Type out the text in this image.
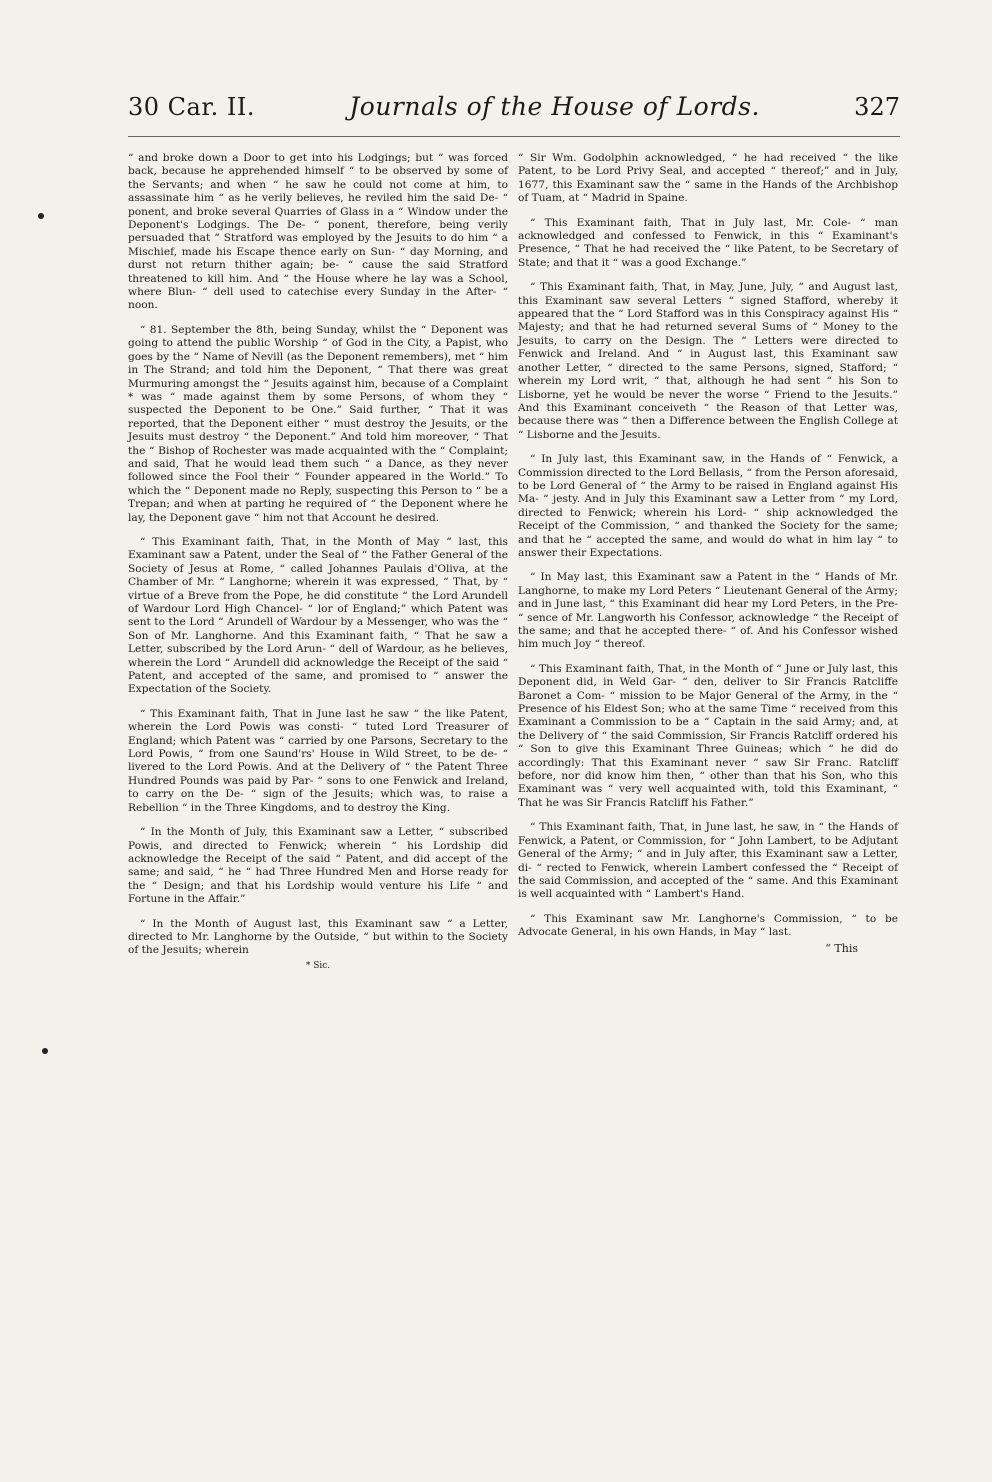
30 Car. II.	Journals of the House of Lords.	327

“ and broke down a Door to get into his Lodgings; but “ was forced back, because he apprehended himself “ to be observed by some of the Servants; and when “ he saw he could not come at him, to assassinate him “ as he verily believes, he reviled him the said De- “ ponent, and broke several Quarries of Glass in a “ Window under the Deponent's Lodgings. The De- “ ponent, therefore, being verily persuaded that “ Stratford was employed by the Jesuits to do him “ a Mischief, made his Escape thence early on Sun- “ day Morning, and durst not return thither again; be- “ cause the said Stratford threatened to kill him. And “ the House where he lay was a School, where Blun- “ dell used to catechise every Sunday in the After- “ noon.

“ 81. September the 8th, being Sunday, whilst the “ Deponent was going to attend the public Worship “ of God in the City, a Papist, who goes by the “ Name of Nevill (as the Deponent remembers), met “ him in The Strand; and told him the Deponent, “ That there was great Murmuring amongst the “ Jesuits against him, because of a Complaint * was “ made against them by some Persons, of whom they “ suspected the Deponent to be One.” Said further, “ That it was reported, that the Deponent either “ must destroy the Jesuits, or the Jesuits must destroy “ the Deponent.” And told him moreover, “ That the “ Bishop of Rochester was made acquainted with the “ Complaint; and said, That he would lead them such “ a Dance, as they never followed since the Fool their “ Founder appeared in the World.” To which the “ Deponent made no Reply, suspecting this Person to “ be a Trepan; and when at parting he required of “ the Deponent where he lay, the Deponent gave “ him not that Account he desired.

“ This Examinant faith, That, in the Month of May “ last, this Examinant saw a Patent, under the Seal of “ the Father General of the Society of Jesus at Rome, “ called Johannes Paulais d'Oliva, at the Chamber of Mr. “ Langhorne; wherein it was expressed, “ That, by “ virtue of a Breve from the Pope, he did constitute “ the Lord Arundell of Wardour Lord High Chancel- “ lor of England;” which Patent was sent to the Lord “ Arundell of Wardour by a Messenger, who was the “ Son of Mr. Langhorne. And this Examinant faith, “ That he saw a Letter, subscribed by the Lord Arun- “ dell of Wardour, as he believes, wherein the Lord “ Arundell did acknowledge the Receipt of the said “ Patent, and accepted of the same, and promised to “ answer the Expectation of the Society.

“ This Examinant faith, That in June last he saw “ the like Patent, wherein the Lord Powis was consti- “ tuted Lord Treasurer of England; which Patent was “ carried by one Parsons, Secretary to the Lord Powis, “ from one Saund'rs' House in Wild Street, to be de- “ livered to the Lord Powis. And at the Delivery of “ the Patent Three Hundred Pounds was paid by Par- “ sons to one Fenwick and Ireland, to carry on the De- “ sign of the Jesuits; which was, to raise a Rebellion “ in the Three Kingdoms, and to destroy the King.

“ In the Month of July, this Examinant saw a Letter, “ subscribed Powis, and directed to Fenwick; wherein “ his Lordship did acknowledge the Receipt of the said “ Patent, and did accept of the same; and said, “ he “ had Three Hundred Men and Horse ready for the “ Design; and that his Lordship would venture his Life “ and Fortune in the Affair.”

“ In the Month of August last, this Examinant saw “ a Letter, directed to Mr. Langhorne by the Outside, “ but within to the Society of the Jesuits; wherein

* Sic.

“ Sir Wm. Godolphin acknowledged, “ he had received “ the like Patent, to be Lord Privy Seal, and accepted “ thereof;” and in July, 1677, this Examinant saw the “ same in the Hands of the Archbishop of Tuam, at “ Madrid in Spaine.

“ This Examinant faith, That in July last, Mr. Cole- “ man acknowledged and confessed to Fenwick, in this “ Examinant's Presence, “ That he had received the “ like Patent, to be Secretary of State; and that it “ was a good Exchange.”

“ This Examinant faith, That, in May, June, July, “ and August last, this Examinant saw several Letters “ signed Stafford, whereby it appeared that the “ Lord Stafford was in this Conspiracy against His “ Majesty; and that he had returned several Sums of “ Money to the Jesuits, to carry on the Design. The “ Letters were directed to Fenwick and Ireland. And “ in August last, this Examinant saw another Letter, “ directed to the same Persons, signed, Stafford; “ wherein my Lord writ, “ that, although he had sent “ his Son to Lisborne, yet he would be never the worse “ Friend to the Jesuits.” And this Examinant conceiveth “ the Reason of that Letter was, because there was “ then a Difference between the English College at “ Lisborne and the Jesuits.

“ In July last, this Examinant saw, in the Hands of “ Fenwick, a Commission directed to the Lord Bellasis, “ from the Person aforesaid, to be Lord General of “ the Army to be raised in England against His Ma- “ jesty. And in July this Examinant saw a Letter from “ my Lord, directed to Fenwick; wherein his Lord- “ ship acknowledged the Receipt of the Commission, “ and thanked the Society for the same; and that he “ accepted the same, and would do what in him lay “ to answer their Expectations.

“ In May last, this Examinant saw a Patent in the “ Hands of Mr. Langhorne, to make my Lord Peters “ Lieutenant General of the Army; and in June last, “ this Examinant did hear my Lord Peters, in the Pre- “ sence of Mr. Langworth his Confessor, acknowledge “ the Receipt of the same; and that he accepted there- “ of. And his Confessor wished him much Joy “ thereof.

“ This Examinant faith, That, in the Month of “ June or July last, this Deponent did, in Weld Gar- “ den, deliver to Sir Francis Ratcliffe Baronet a Com- “ mission to be Major General of the Army, in the “ Presence of his Eldest Son; who at the same Time “ received from this Examinant a Commission to be a “ Captain in the said Army; and, at the Delivery of “ the said Commission, Sir Francis Ratcliff ordered his “ Son to give this Examinant Three Guineas; which “ he did do accordingly: That this Examinant never “ saw Sir Franc. Ratcliff before, nor did know him then, “ other than that his Son, who this Examinant was “ very well acquainted with, told this Examinant, “ That he was Sir Francis Ratcliff his Father.”

“ This Examinant faith, That, in June last, he saw, in “ the Hands of Fenwick, a Patent, or Commission, for “ John Lambert, to be Adjutant General of the Army; “ and in July after, this Examinant saw a Letter, di- “ rected to Fenwick, wherein Lambert confessed the “ Receipt of the said Commission, and accepted of the “ same. And this Examinant is well acquainted with “ Lambert's Hand.

“ This Examinant saw Mr. Langhorne's Commission, “ to be Advocate General, in his own Hands, in May “ last.

“ This
